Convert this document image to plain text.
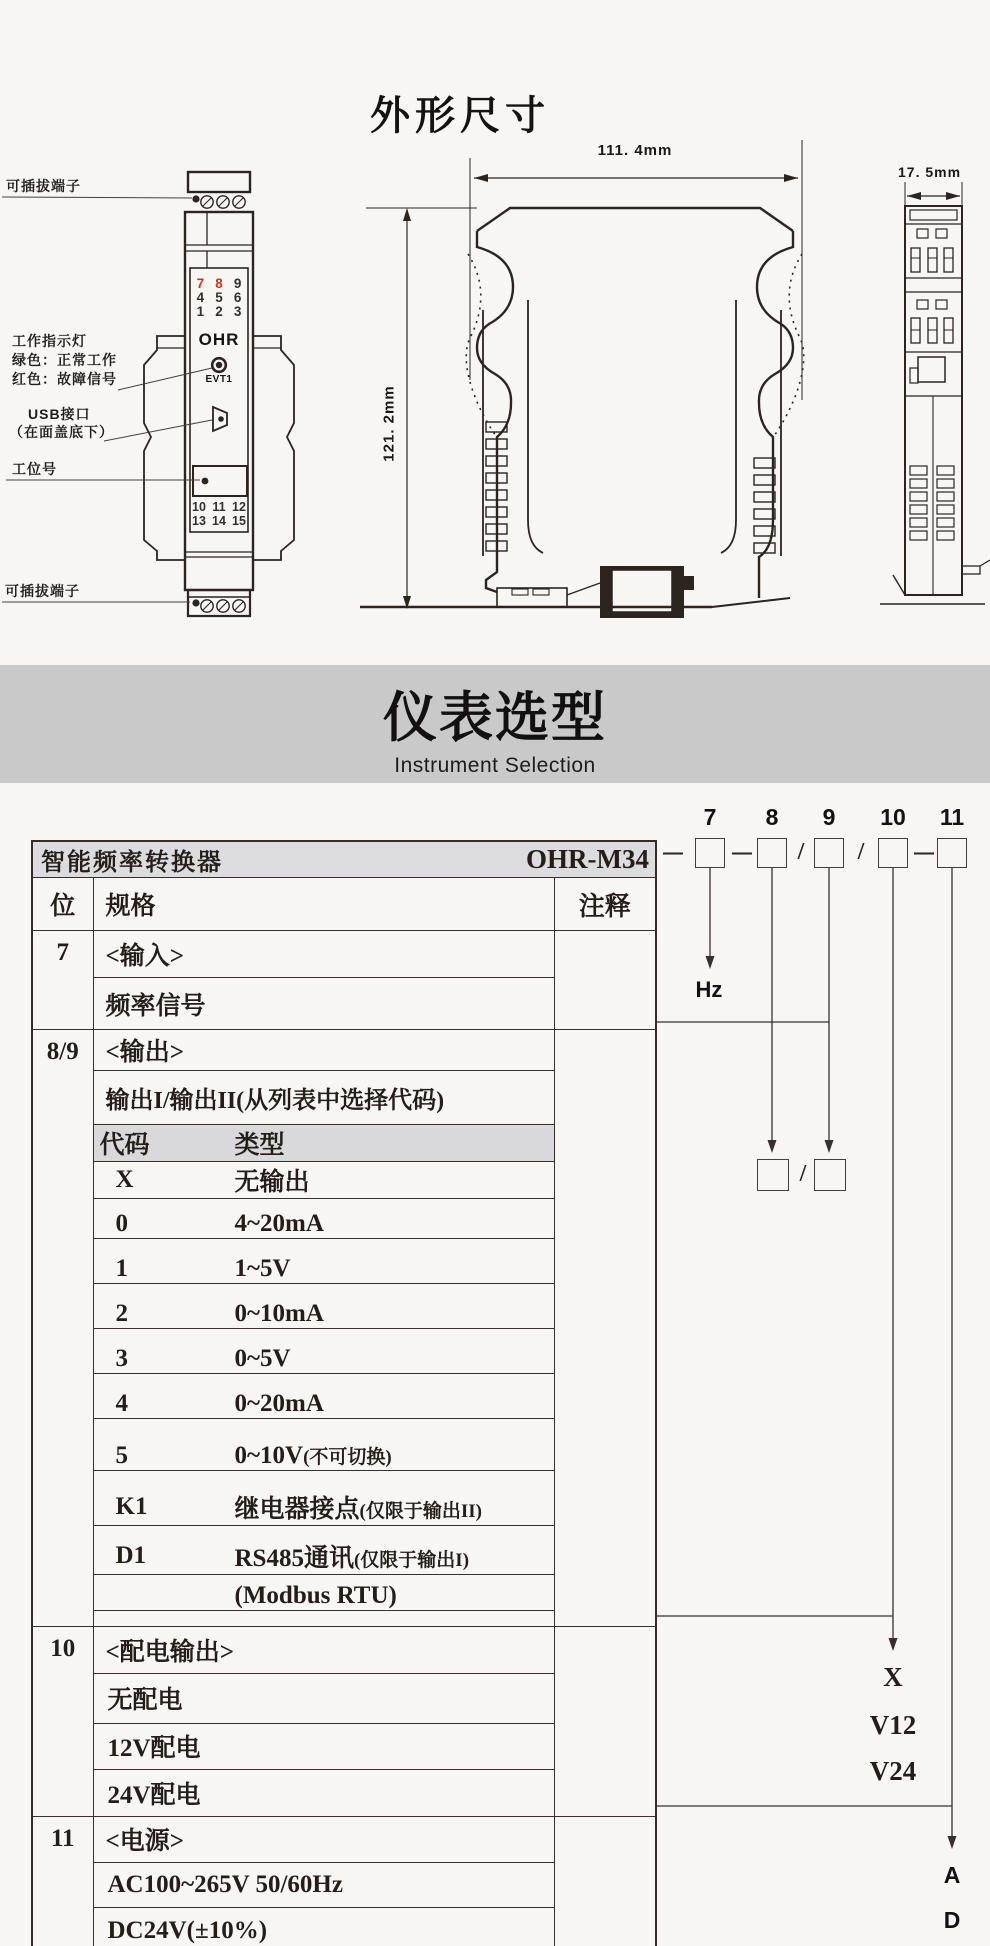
外形尺寸
可插拔端子
工作指示灯
绿色：正常工作
红色：故障信号
USB接口
（在面盖底下）
工位号
可插拔端子
7 8 9
4 5 6
1 2 3
OHR
EVT1
10 11 12
13 14 15
111. 4mm
121. 2mm
17. 5mm
仪表选型

Instrument Selection

7	8	9	10	11
— — / / —
Hz
/
X
V12
V24
A
D
智能频率转换器 OHR-M34		

位	规格	注释
7	<输入>	
	频率信号	
8/9	<输出>	
	输出I/输出II(从列表中选择代码)	

代码	类型

X	无输出

0	4~20mA

1	1~5V

2	0~10mA

3	0~5V

4	0~20mA

5	0~10V(不可切换)

K1	继电器接点(仅限于输出II)

D1	RS485通讯(仅限于输出I)

(Modbus RTU)

10	<配电输出>	
	无配电	
	12V配电	
	24V配电	
11	<电源>	
	AC100~265V 50/60Hz	
	DC24V(±10%)	
